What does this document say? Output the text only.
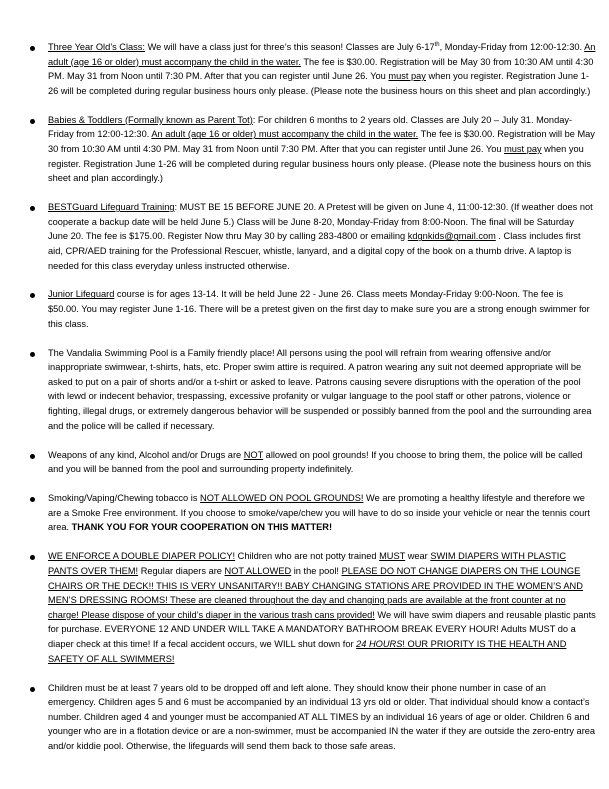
Three Year Old’s Class: We will have a class just for three’s this season! Classes are July 6-17th, Monday-Friday from 12:00-12:30. An adult (age 16 or older) must accompany the child in the water. The fee is $30.00. Registration will be May 30 from 10:30 AM until 4:30 PM. May 31 from Noon until 7:30 PM. After that you can register until June 26. You must pay when you register. Registration June 1-26 will be completed during regular business hours only please. (Please note the business hours on this sheet and plan accordingly.)
Babies & Toddlers (Formally known as Parent Tot): For children 6 months to 2 years old. Classes are July 20 – July 31. Monday-Friday from 12:00-12:30. An adult (age 16 or older) must accompany the child in the water. The fee is $30.00. Registration will be May 30 from 10:30 AM until 4:30 PM. May 31 from Noon until 7:30 PM. After that you can register until June 26. You must pay when you register. Registration June 1-26 will be completed during regular business hours only please. (Please note the business hours on this sheet and plan accordingly.)
BESTGuard Lifeguard Training: MUST BE 15 BEFORE JUNE 20. A Pretest will be given on June 4, 11:00-12:30. (If weather does not cooperate a backup date will be held June 5.) Class will be June 8-20, Monday-Friday from 8:00-Noon. The final will be Saturday June 20. The fee is $175.00. Register Now thru May 30 by calling 283-4800 or emailing kdgnkids@gmail.com . Class includes first aid, CPR/AED training for the Professional Rescuer, whistle, lanyard, and a digital copy of the book on a thumb drive. A laptop is needed for this class everyday unless instructed otherwise.
Junior Lifeguard course is for ages 13-14. It will be held June 22 - June 26. Class meets Monday-Friday 9:00-Noon. The fee is $50.00. You may register June 1-16. There will be a pretest given on the first day to make sure you are a strong enough swimmer for this class.
The Vandalia Swimming Pool is a Family friendly place! All persons using the pool will refrain from wearing offensive and/or inappropriate swimwear, t-shirts, hats, etc. Proper swim attire is required. A patron wearing any suit not deemed appropriate will be asked to put on a pair of shorts and/or a t-shirt or asked to leave. Patrons causing severe disruptions with the operation of the pool with lewd or indecent behavior, trespassing, excessive profanity or vulgar language to the pool staff or other patrons, violence or fighting, illegal drugs, or extremely dangerous behavior will be suspended or possibly banned from the pool and the surrounding area and the police will be called if necessary.
Weapons of any kind, Alcohol and/or Drugs are NOT allowed on pool grounds! If you choose to bring them, the police will be called and you will be banned from the pool and surrounding property indefinitely.
Smoking/Vaping/Chewing tobacco is NOT ALLOWED ON POOL GROUNDS! We are promoting a healthy lifestyle and therefore we are a Smoke Free environment. If you choose to smoke/vape/chew you will have to do so inside your vehicle or near the tennis court area. THANK YOU FOR YOUR COOPERATION ON THIS MATTER!
WE ENFORCE A DOUBLE DIAPER POLICY! Children who are not potty trained MUST wear SWIM DIAPERS WITH PLASTIC PANTS OVER THEM! Regular diapers are NOT ALLOWED in the pool! PLEASE DO NOT CHANGE DIAPERS ON THE LOUNGE CHAIRS OR THE DECK!! THIS IS VERY UNSANITARY!! BABY CHANGING STATIONS ARE PROVIDED IN THE WOMEN’S AND MEN’S DRESSING ROOMS! These are cleaned throughout the day and changing pads are available at the front counter at no charge! Please dispose of your child’s diaper in the various trash cans provided! We will have swim diapers and reusable plastic pants for purchase. EVERYONE 12 AND UNDER WILL TAKE A MANDATORY BATHROOM BREAK EVERY HOUR! Adults MUST do a diaper check at this time! If a fecal accident occurs, we WILL shut down for 24 HOURS! OUR PRIORITY IS THE HEALTH AND SAFETY OF ALL SWIMMERS!
Children must be at least 7 years old to be dropped off and left alone. They should know their phone number in case of an emergency. Children ages 5 and 6 must be accompanied by an individual 13 yrs old or older. That individual should know a contact’s number. Children aged 4 and younger must be accompanied AT ALL TIMES by an individual 16 years of age or older. Children 6 and younger who are in a flotation device or are a non-swimmer, must be accompanied IN the water if they are outside the zero-entry area and/or kiddie pool. Otherwise, the lifeguards will send them back to those safe areas.
